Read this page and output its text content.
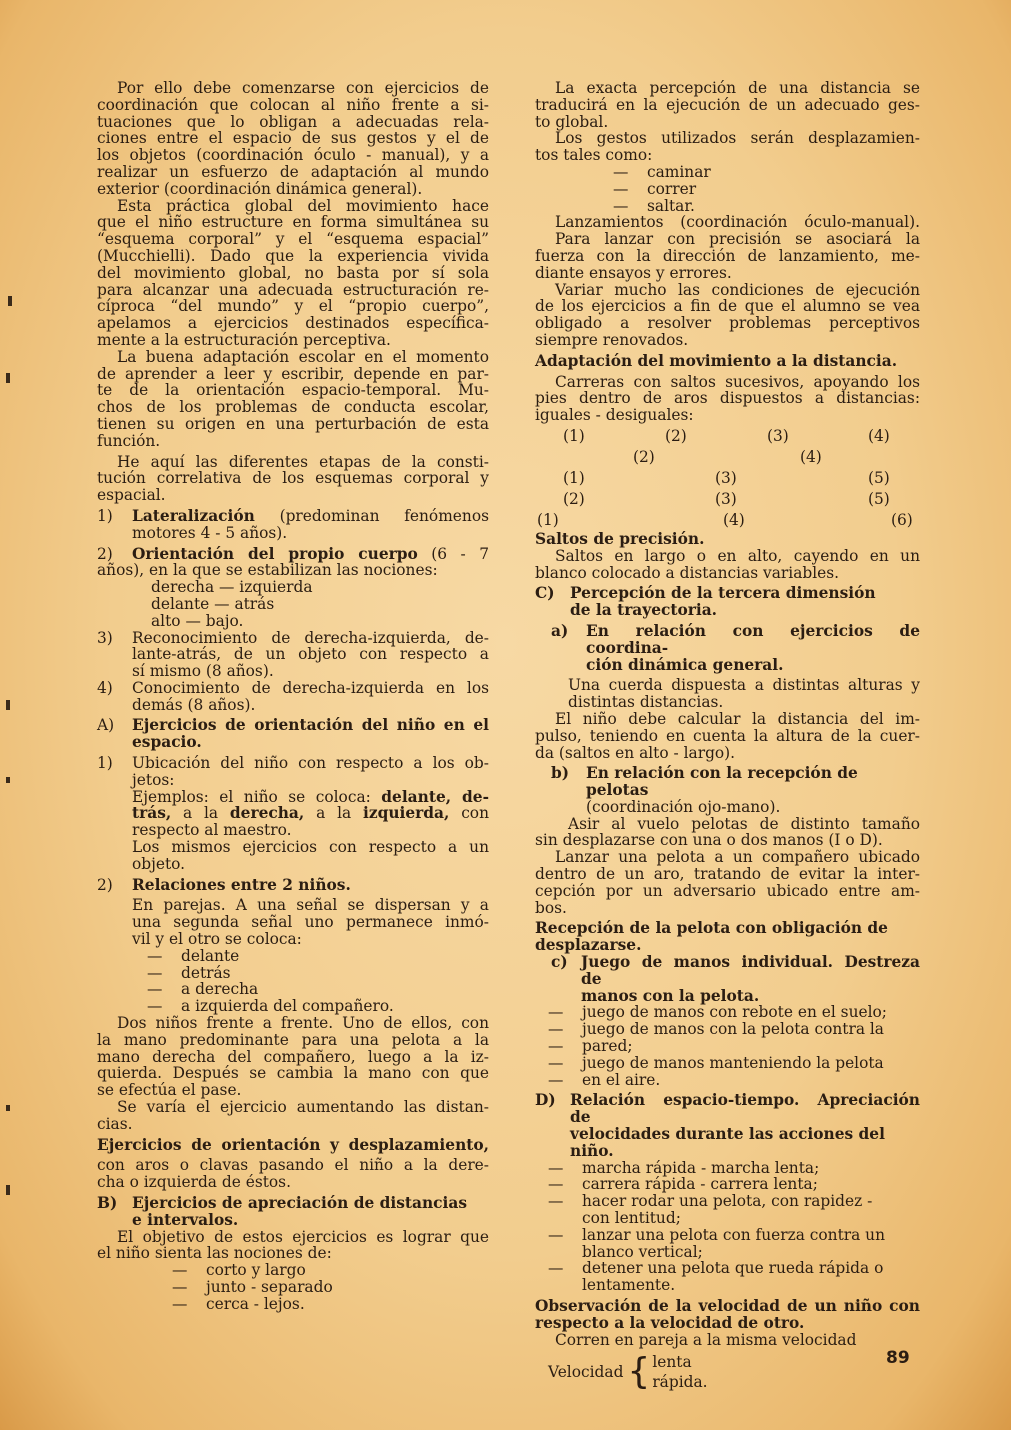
Por ello debe comenzarse con ejercicios de
coordinación que colocan al niño frente a si-
tuaciones que lo obligan a adecuadas rela-
ciones entre el espacio de sus gestos y el de
los objetos (coordinación óculo - manual), y a
realizar un esfuerzo de adaptación al mundo
exterior (coordinación dinámica general).
Esta práctica global del movimiento hace
que el niño estructure en forma simultánea su
“esquema corporal” y el “esquema espacial”
(Mucchielli). Dado que la experiencia vivida
del movimiento global, no basta por sí sola
para alcanzar una adecuada estructuración re-
cíproca “del mundo” y el “propio cuerpo”,
apelamos a ejercicios destinados específica-
mente a la estructuración perceptiva.
La buena adaptación escolar en el momento
de aprender a leer y escribir, depende en par-
te de la orientación espacio-temporal. Mu-
chos de los problemas de conducta escolar,
tienen su origen en una perturbación de esta
función.
He aquí las diferentes etapas de la consti-
tución correlativa de los esquemas corporal y
espacial.
1)	Lateralización (predominan fenómenos
motores 4 - 5 años).
2)	Orientación del propio cuerpo (6 - 7
años), en la que se estabilizan las nociones:
derecha — izquierda
delante — atrás
alto — bajo.
3)	Reconocimiento de derecha-izquierda, de-
lante-atrás, de un objeto con respecto a
sí mismo (8 años).
4)	Conocimiento de derecha-izquierda en los
demás (8 años).
A)	Ejercicios de orientación del niño en el
espacio.
1)	Ubicación del niño con respecto a los ob-
jetos:
Ejemplos: el niño se coloca: delante, de-
trás, a la derecha, a la izquierda, con
respecto al maestro.
Los mismos ejercicios con respecto a un
objeto.
2)	Relaciones entre 2 niños.
En parejas. A una señal se dispersan y a
una segunda señal uno permanece inmó-
vil y el otro se coloca:
—	delante
—	detrás
—	a derecha
—	a izquierda del compañero.
Dos niños frente a frente. Uno de ellos, con
la mano predominante para una pelota a la
mano derecha del compañero, luego a la iz-
quierda. Después se cambia la mano con que
se efectúa el pase.
Se varía el ejercicio aumentando las distan-
cias.
Ejercicios de orientación y desplazamiento,
con aros o clavas pasando el niño a la dere-
cha o izquierda de éstos.
B) Ejercicios de apreciación de distancias
e intervalos.
El objetivo de estos ejercicios es lograr que
el niño sienta las nociones de:
—	corto y largo
—	junto - separado
—	cerca - lejos.
La exacta percepción de una distancia se
traducirá en la ejecución de un adecuado ges-
to global.
Los gestos utilizados serán desplazamien-
tos tales como:
—	caminar
—	correr
—	saltar.
Lanzamientos (coordinación óculo-manual).
Para lanzar con precisión se asociará la
fuerza con la dirección de lanzamiento, me-
diante ensayos y errores.
Variar mucho las condiciones de ejecución
de los ejercicios a fin de que el alumno se vea
obligado a resolver problemas perceptivos
siempre renovados.
Adaptación del movimiento a la distancia.
Carreras con saltos sucesivos, apoyando los
pies dentro de aros dispuestos a distancias:
iguales - desiguales:
(1)	(2)	(3)	(4)
(2)	(4)
(1)	(3)	(5)
(2)	(3)	(5)
(1)	(4)	(6)
Saltos de precisión.
Saltos en largo o en alto, cayendo en un
blanco colocado a distancias variables.
C)	Percepción de la tercera dimensión
de la trayectoria.
a)	En relación con ejercicios de coordina-
ción dinámica general.
Una cuerda dispuesta a distintas alturas y
distintas distancias.
El niño debe calcular la distancia del im-
pulso, teniendo en cuenta la altura de la cuer-
da (saltos en alto - largo).
b)	En relación con la recepción de pelotas
(coordinación ojo-mano).
Asir al vuelo pelotas de distinto tamaño
sin desplazarse con una o dos manos (I o D).
Lanzar una pelota a un compañero ubicado
dentro de un aro, tratando de evitar la inter-
cepción por un adversario ubicado entre am-
bos.
Recepción de la pelota con obligación de
desplazarse.
c) Juego de manos individual. Destreza de
manos con la pelota.
—	juego de manos con rebote en el suelo;
—	juego de manos con la pelota contra la
—	pared;
—	juego de manos manteniendo la pelota
—	en el aire.
D) Relación espacio-tiempo. Apreciación de
velocidades durante las acciones del niño.
—	marcha rápida - marcha lenta;
—	carrera rápida - carrera lenta;
—	hacer rodar una pelota, con rapidez -
con lentitud;
—	lanzar una pelota con fuerza contra un
blanco vertical;
—	detener una pelota que rueda rápida o
lentamente.
Observación de la velocidad de un niño con
respecto a la velocidad de otro.
Corren en pareja a la misma velocidad
Velocidad { lenta
rápida.
89
